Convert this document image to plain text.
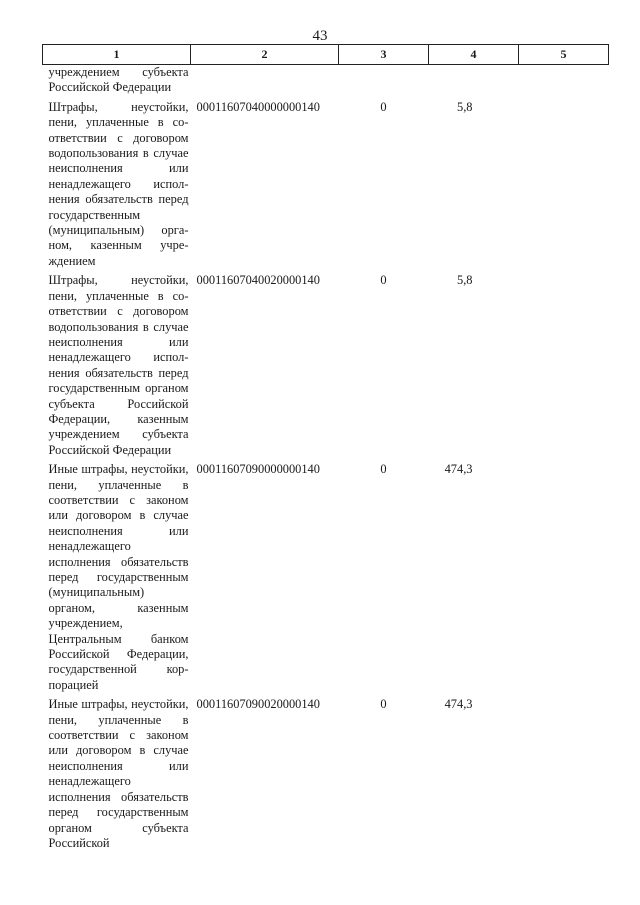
43
1	2	3	4	5

учреждением субъекта Российской Федерации				

Штрафы, неустойки, пени, уплаченные в соответствии с договором водопользования в случае неисполнения или ненадлежащего исполнения обязательств перед государственным (муниципальным) органом, казенным учреждением	00011607040000000140	0	5,8	

Штрафы, неустойки, пени, уплаченные в соответствии с договором водопользования в случае неисполнения или ненадлежащего исполнения обязательств перед государственным органом субъекта Российской Федерации, казенным учреждением субъекта Российской Федерации	00011607040020000140	0	5,8	

Иные штрафы, неустойки, пени, уплаченные в соответствии с законом или договором в случае неисполнения или ненадлежащего исполнения обязательств перед государственным (муниципальным) органом, казенным учреждением, Центральным банком Российской Федерации, государственной корпорацией	00011607090000000140	0	474,3	

Иные штрафы, неустойки, пени, уплаченные в соответствии с законом или договором в случае неисполнения или ненадлежащего исполнения обязательств перед государственным органом субъекта Российской	00011607090020000140	0	474,3	
